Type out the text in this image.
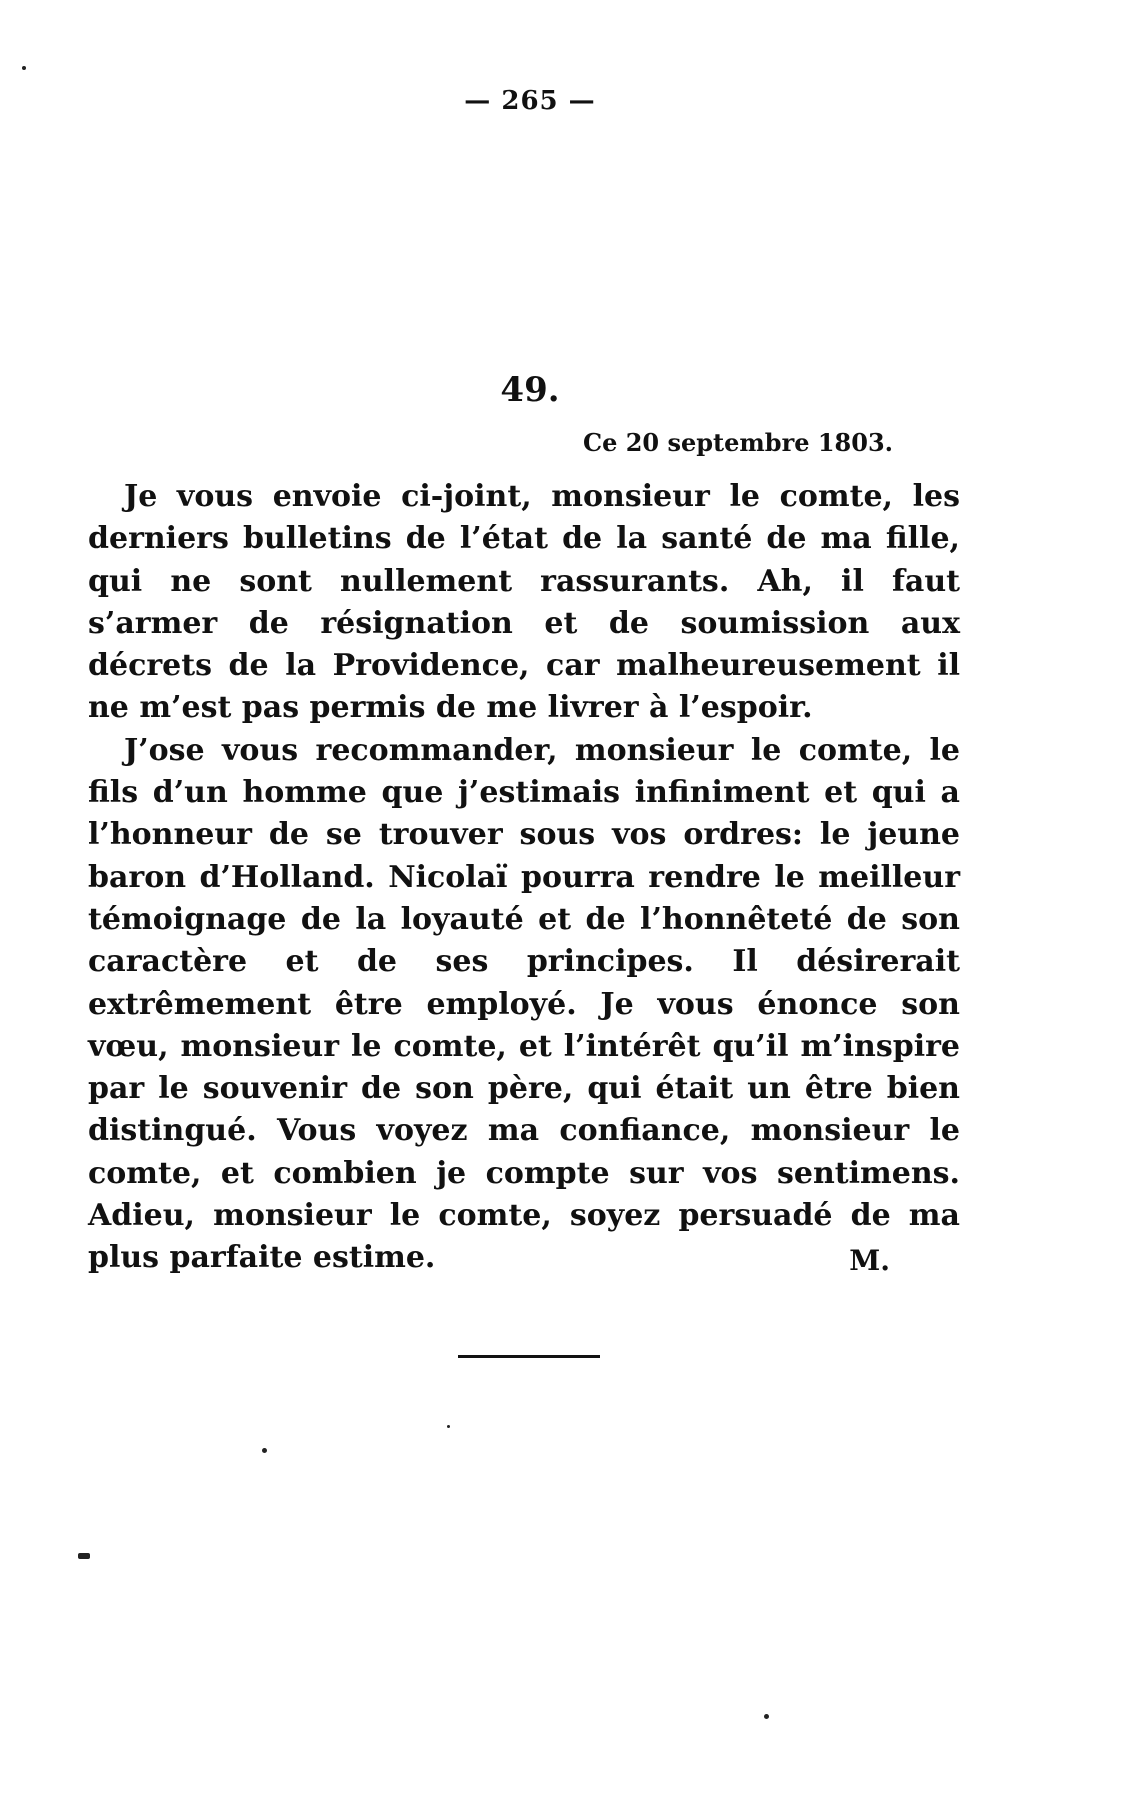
— 265 —
49.
Ce 20 septembre 1803.

Je vous envoie ci-joint, monsieur le comte, les derniers bulletins de l’état de la santé de ma fille, qui ne sont nullement rassurants. Ah, il faut s’armer de résignation et de soumission aux décrets de la Providence, car malheureusement il ne m’est pas permis de me livrer à l’espoir.

J’ose vous recommander, monsieur le comte, le fils d’un homme que j’estimais infiniment et qui a l’honneur de se trouver sous vos ordres: le jeune baron d’Holland. Nicolaï pourra rendre le meilleur témoignage de la loyauté et de l’honnêteté de son caractère et de ses principes. Il désirerait extrêmement être employé. Je vous énonce son vœu, monsieur le comte, et l’intérêt qu’il m’inspire par le souvenir de son père, qui était un être bien distingué. Vous voyez ma confiance, monsieur le comte, et combien je compte sur vos sentimens. Adieu, monsieur le comte, soyez persuadé de ma plus parfaite estime.	M.
